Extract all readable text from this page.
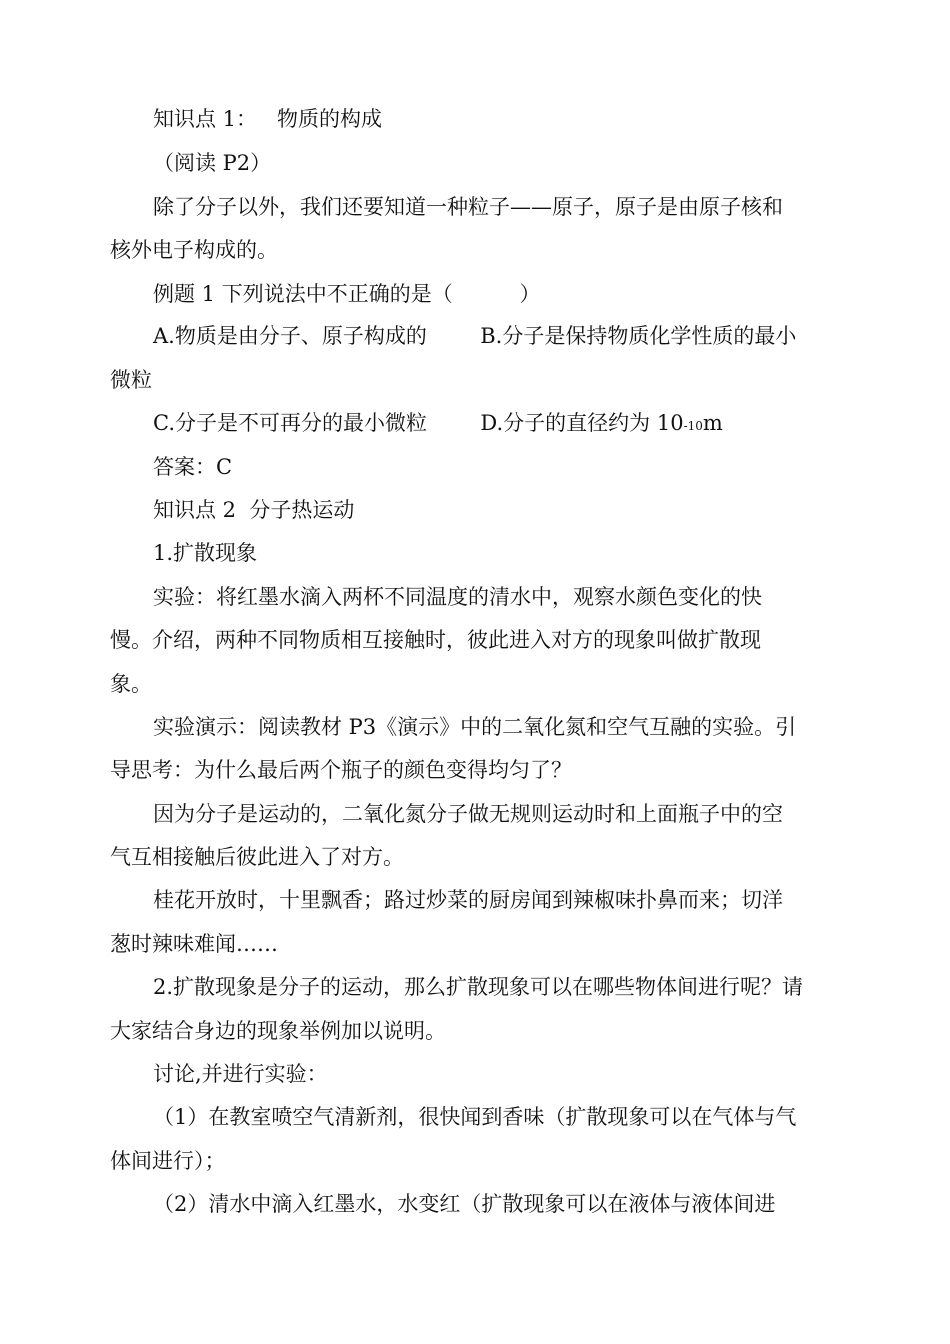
知识点 1：   物质的构成
（阅读 P2）
除了分子以外，我们还要知道一种粒子——原子，原子是由原子核和
核外电子构成的。
例题 1 下列说法中不正确的是（          ）
A.物质是由分子、原子构成的        B.分子是保持物质化学性质的最小
微粒
C.分子是不可再分的最小微粒        D.分子的直径约为 10-10m
答案：C
知识点 2  分子热运动
1.扩散现象
实验：将红墨水滴入两杯不同温度的清水中，观察水颜色变化的快
慢。介绍，两种不同物质相互接触时，彼此进入对方的现象叫做扩散现
象。
实验演示：阅读教材 P3《演示》中的二氧化氮和空气互融的实验。引
导思考：为什么最后两个瓶子的颜色变得均匀了？
因为分子是运动的，二氧化氮分子做无规则运动时和上面瓶子中的空
气互相接触后彼此进入了对方。
桂花开放时，十里飘香；路过炒菜的厨房闻到辣椒味扑鼻而来；切洋
葱时辣味难闻……
2.扩散现象是分子的运动，那么扩散现象可以在哪些物体间进行呢？请
大家结合身边的现象举例加以说明。
讨论,并进行实验：
（1）在教室喷空气清新剂，很快闻到香味（扩散现象可以在气体与气
体间进行）；
（2）清水中滴入红墨水，水变红（扩散现象可以在液体与液体间进
